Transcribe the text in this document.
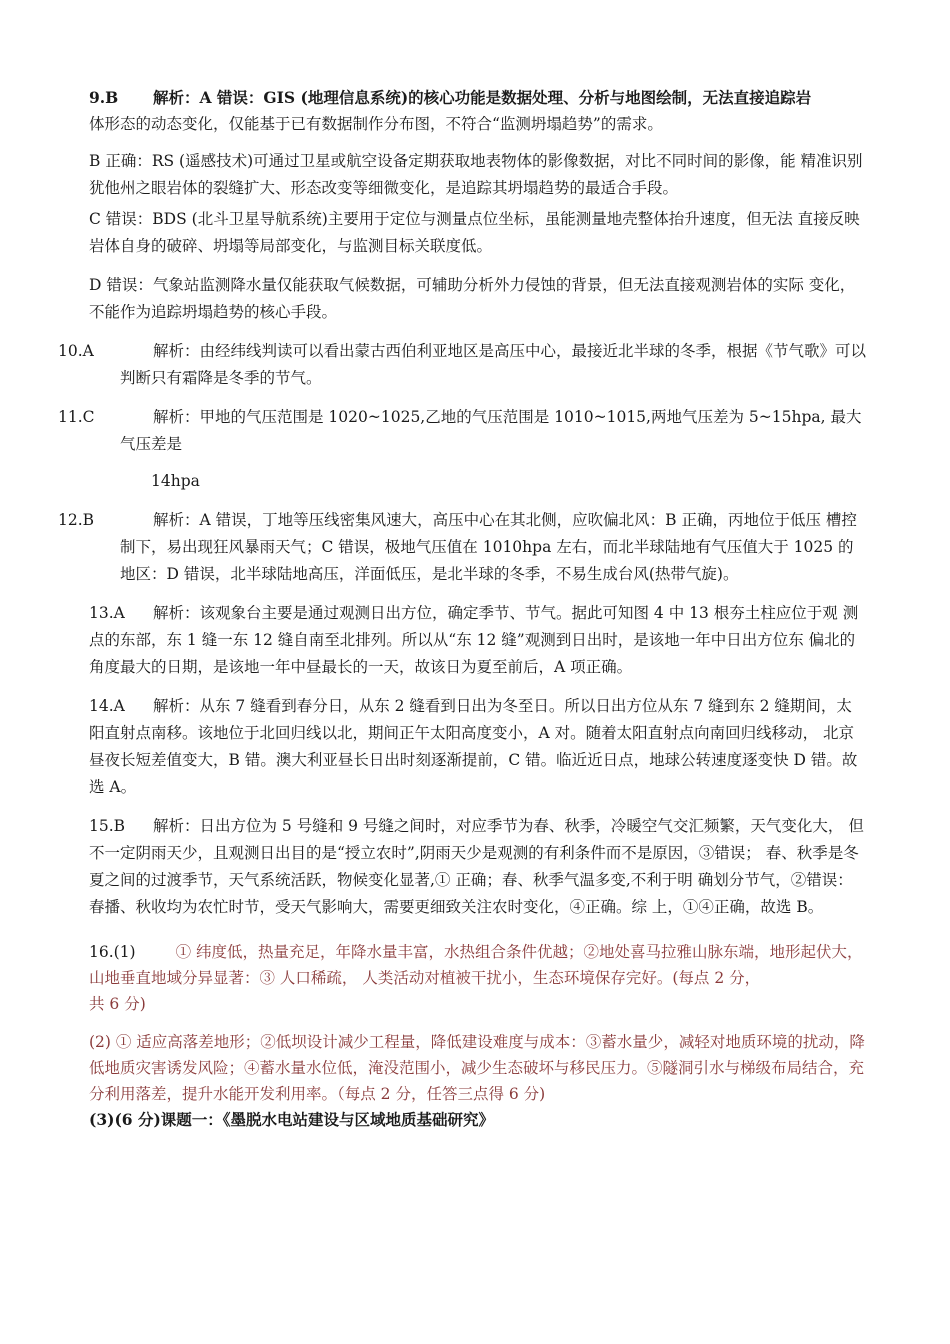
9.B 解析：A 错误：GIS (地理信息系统)的核心功能是数据处理、分析与地图绘制，无法直接追踪岩

体形态的动态变化，仅能基于已有数据制作分布图，不符合“监测坍塌趋势”的需求。

B 正确：RS (遥感技术)可通过卫星或航空设备定期获取地表物体的影像数据，对比不同时间的影像，能 精准识别犹他州之眼岩体的裂缝扩大、形态改变等细微变化，是追踪其坍塌趋势的最适合手段。

C 错误：BDS (北斗卫星导航系统)主要用于定位与测量点位坐标，虽能测量地壳整体抬升速度，但无法 直接反映岩体自身的破碎、坍塌等局部变化，与监测目标关联度低。

D 错误：气象站监测降水量仅能获取气候数据，可辅助分析外力侵蚀的背景，但无法直接观测岩体的实际 变化，不能作为追踪坍塌趋势的核心手段。

10.A	解析：由经纬线判读可以看出蒙古西伯利亚地区是高压中心，最接近北半球的冬季，根据《节气歌》可以判断只有霜降是冬季的节气。

11.C	解析：甲地的气压范围是 1020~1025,乙地的气压范围是 1010~1015,两地气压差为 5~15hpa, 最大 气压差是

14hpa

12.B	解析：A 错误，丁地等压线密集风速大，高压中心在其北侧，应吹偏北风：B 正确，丙地位于低压 槽控制下，易出现狂风暴雨天气；C 错误，极地气压值在 1010hpa 左右，而北半球陆地有气压值大于 1025 的地区：D 错误，北半球陆地高压，洋面低压，是北半球的冬季，不易生成台风(热带气旋)。

13.A 解析：该观象台主要是通过观测日出方位，确定季节、节气。据此可知图 4 中 13 根夯土柱应位于观 测点的东部，东 1 缝一东 12 缝自南至北排列。所以从“东 12 缝”观测到日出时，是该地一年中日出方位东 偏北的角度最大的日期，是该地一年中昼最长的一天，故该日为夏至前后，A 项正确。

14.A 解析：从东 7 缝看到春分日，从东 2 缝看到日出为冬至日。所以日出方位从东 7 缝到东 2 缝期间，太 阳直射点南移。该地位于北回归线以北，期间正午太阳高度变小，A 对。随着太阳直射点向南回归线移动， 北京昼夜长短差值变大，B 错。澳大利亚昼长日出时刻逐渐提前，C 错。临近近日点，地球公转速度逐变快 D 错。故选 A。

15.B 解析：日出方位为 5 号缝和 9 号缝之间时，对应季节为春、秋季，冷暖空气交汇频繁，天气变化大， 但不一定阴雨天少，且观测日出目的是“授立农时”,阴雨天少是观测的有利条件而不是原因，③错误； 春、秋季是冬夏之间的过渡季节，天气系统活跃，物候变化显著,① 正确；春、秋季气温多变,不利于明 确划分节气，②错误：春播、秋收均为农忙时节，受天气影响大，需要更细致关注农时变化，④正确。综 上，①④正确，故选 B。

16.(1)	① 纬度低，热量充足，年降水量丰富，水热组合条件优越；②地处喜马拉雅山脉东端，地形起伏大，山地垂直地域分异显著：③ 人口稀疏， 人类活动对植被干扰小，生态环境保存完好。(每点 2 分，

共 6 分)

(2) ① 适应高落差地形；②低坝设计减少工程量，降低建设难度与成本：③蓄水量少，减轻对地质环境的扰动，降低地质灾害诱发风险；④蓄水量水位低，淹没范围小，减少生态破坏与移民压力。⑤隧洞引水与梯级布局结合，充分利用落差，提升水能开发利用率。（每点 2 分，任答三点得 6 分)

(3)(6 分)课题一：《墨脱水电站建设与区域地质基础研究》
